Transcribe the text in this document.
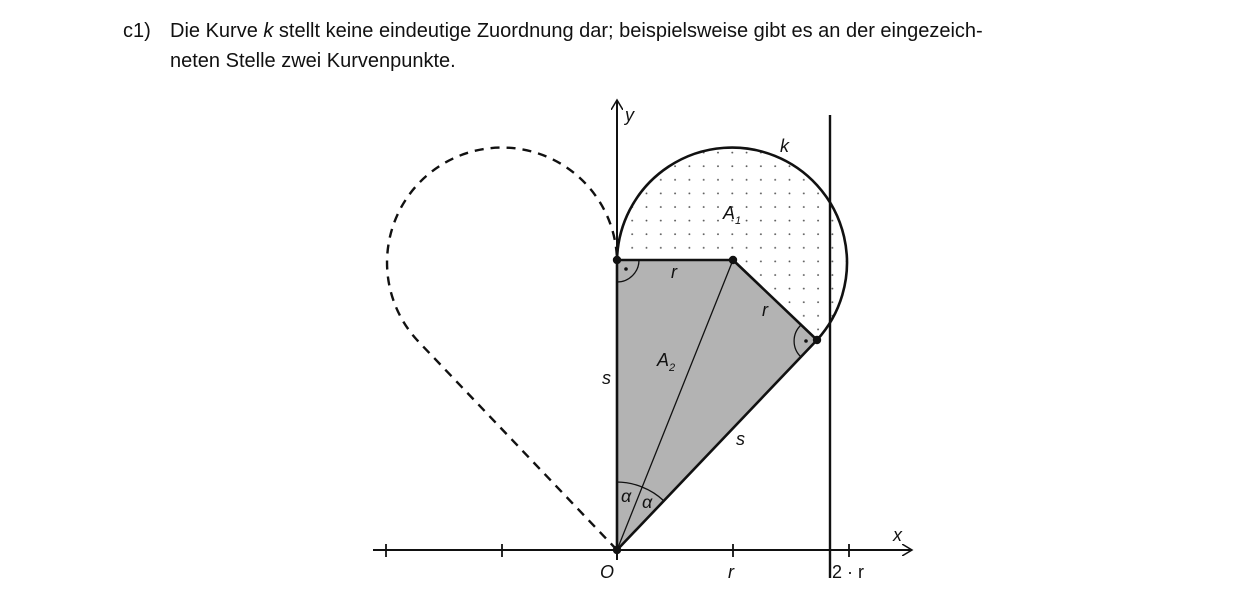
c1) Die Kurve k stellt keine eindeutige Zuordnung dar; beispielsweise gibt es an der eingezeich-
neten Stelle zwei Kurvenpunkte.
y
x
O	r	2 · r
k
$A_1$
$A_2$
r
r
s
s
α α
